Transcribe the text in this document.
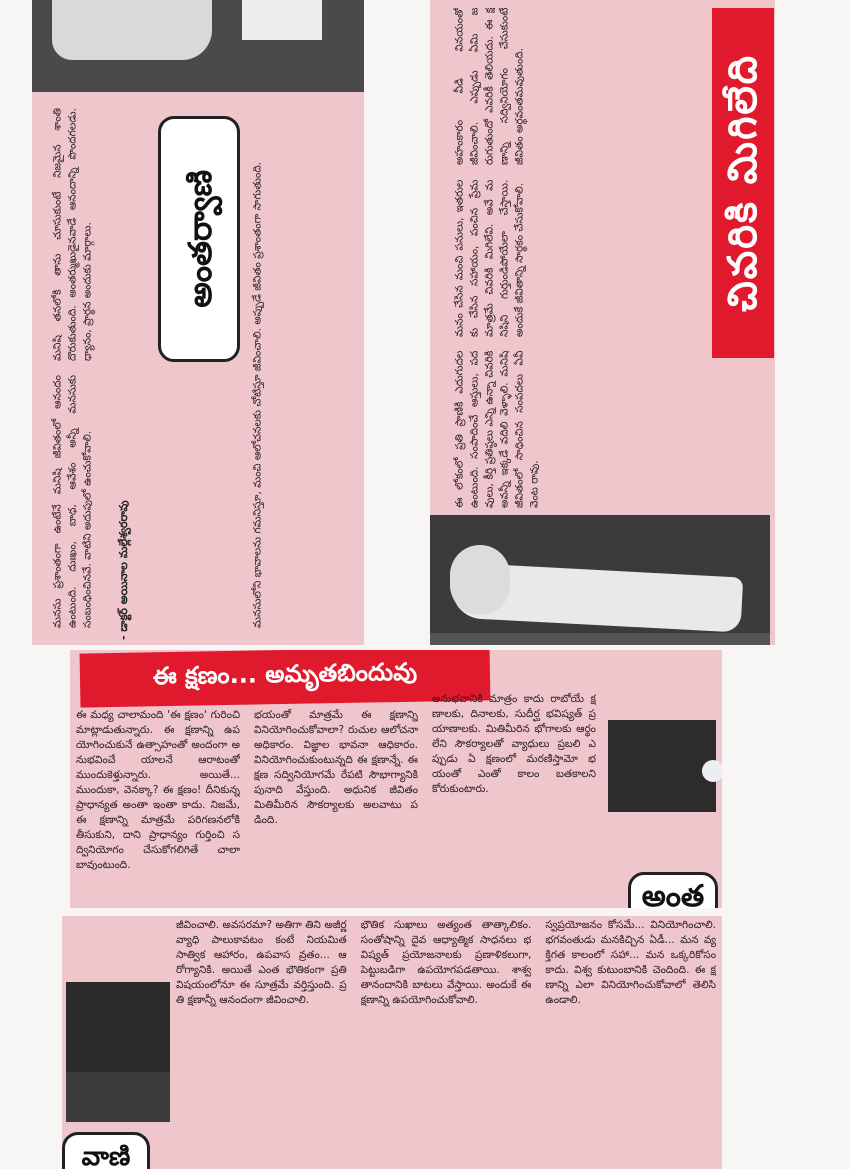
ఈ లోకంలో ప్రతి ప్రాణికి ఎదుగుదల ఉంటుంది. సంపాదించే ఆస్తులు, పదవులు, కీర్తి ప్రతిష్ఠలు ఎన్ని ఉన్నా చివరికి అవన్నీ ఇక్కడే వదిలి వెళ్ళాలి. మనిషి జీవితంలో సాధించిన సంపదలు ఏవీ వెంట రావు.

మనం చేసిన మంచి పనులు, ఇతరులకు చేసిన సహాయం, పంచిన ప్రేమ మాత్రమే చివరికి మిగిలేవి. అవే మనిషిని గుర్తుండిపోయేలా చేస్తాయి. అందుకే జీవితాన్ని సార్థకం చేసుకోవాలి.

అహంకారం వీడి వినయంతో జీవించాలి. ఎప్పుడు ఏమి జరుగుతుందో ఎవరికీ తెలియదు. ఈ క్షణాన్ని సద్వినియోగం చేసుకుంటే జీవితం అర్థవంతమవుతుంది.	చివరికి మిగిలేది

మనసు ప్రశాంతంగా ఉంటేనే మనిషి జీవితంలో ఆనందం ఉంటుంది. దుఃఖం, బాధ, ఆవేశం అన్నీ మనసుకు సంబంధించినవే. వాటిని అదుపులో ఉంచుకోవాలి.

మనిషి తనలోకి తాను చూసుకుంటే నిజమైన శాంతి దొరుకుతుంది. అంతర్ముఖుడైనవాడే ఆనందాన్ని పొందగలడు. ధ్యానం, ప్రార్థన అందుకు మార్గాలు.	అంతర్వాణి	మనసులోని భావాలను గమనిస్తూ, మంచి ఆలోచనలకు చోటిస్తూ జీవించాలి. అప్పుడే జీవితం ప్రశాంతంగా సాగుతుంది.

- డాక్టర్ అయినాల మల్లేశ్వరరావు
ఈ క్షణం... అమృతబిందువు

ఈ మధ్య చాలామంది 'ఈ క్షణం' గురించి మాట్లాడుతున్నారు. ఈ క్షణాన్ని ఉపయోగించుకునే ఉత్సాహంతో అందంగా అనుభవించే యాలనే ఆరాటంతో ముందుకెళ్తున్నారు. అయితే... ముందుకా, వెనక్కా? ఈ క్షణం! దీనికున్న ప్రాధాన్యత అంతా ఇంతా కాదు. నిజమే, ఈ క్షణాన్ని మాత్రమే పరిగణనలోకి తీసుకుని, దాని ప్రాధాన్యం గుర్తించి సద్వినియోగం చేసుకోగలిగితే చాలా బావుంటుంది.

భయంతో మాత్రమే ఈ క్షణాన్ని వినియోగించుకోవాలా? రుచుల ఆలోచనా అధికారం. విజ్ఞాల భావనా ఆధికారం. వినియోగించుకుంటున్నది ఈ క్షణాన్నే. ఈ క్షణ సద్వినియోగమే రేపటి సౌభాగ్యానికి పునాది వేస్తుంది. అధునిక జీవితం మితిమీరిన సౌకర్యాలకు అలవాటు పడింది.

అనుభవానికి మాత్రం కాదు రాబోయే క్షణాలకు, దినాలకు, సుదీర్ఘ భవిష్యత్ ప్రయాణాలకు. మితిమీరిన భోగాలకు ఆర్థం లేని సౌకర్యాలతో వ్యాధులు ప్రబలి ఎప్పుడు ఏ క్షణంలో మరణిస్తామో భయంతో ఎంతో కాలం బతకాలని కోరుకుంటారు.

అంత

జీవించాలి. అవసరమా? అతిగా తిని అజీర్ణ వ్యాధి పాలుకావటం కంటే నియమిత సాత్విక ఆహారం, ఉపవాస వ్రతం... ఆరోగ్యానికి. అయితే ఎంత భౌతికంగా ప్రతి విషయంలోనూ ఈ సూత్రమే వర్తిస్తుంది. ప్రతి క్షణాన్నీ ఆనందంగా జీవించాలి.

భౌతిక సుఖాలు అత్యంత తాత్కాలికం. సంతోషాన్ని దైవ ఆధ్యాత్మిక సాధనలు భవిష్యత్ ప్రయోజనాలకు ప్రణాళికలుగా, పెట్టుబడిగా ఉపయోగపడతాయి. శాశ్వతానందానికి బాటలు వేస్తాయి. అందుకే ఈ క్షణాన్ని ఉపయోగించుకోవాలి.

స్వప్రయోజనం కోసమే... వినియోగించాలి. భగవంతుడు మనకిచ్చిన ఏడీ... మన వ్యక్తిగత కాలంలో సహా... మన ఒక్కరికోసం కాదు. విశ్వ కుటుంబానికి చెందింది. ఈ క్షణాన్ని ఎలా వినియోగించుకోవాలో తెలిసి ఉండాలి.

వాణి
